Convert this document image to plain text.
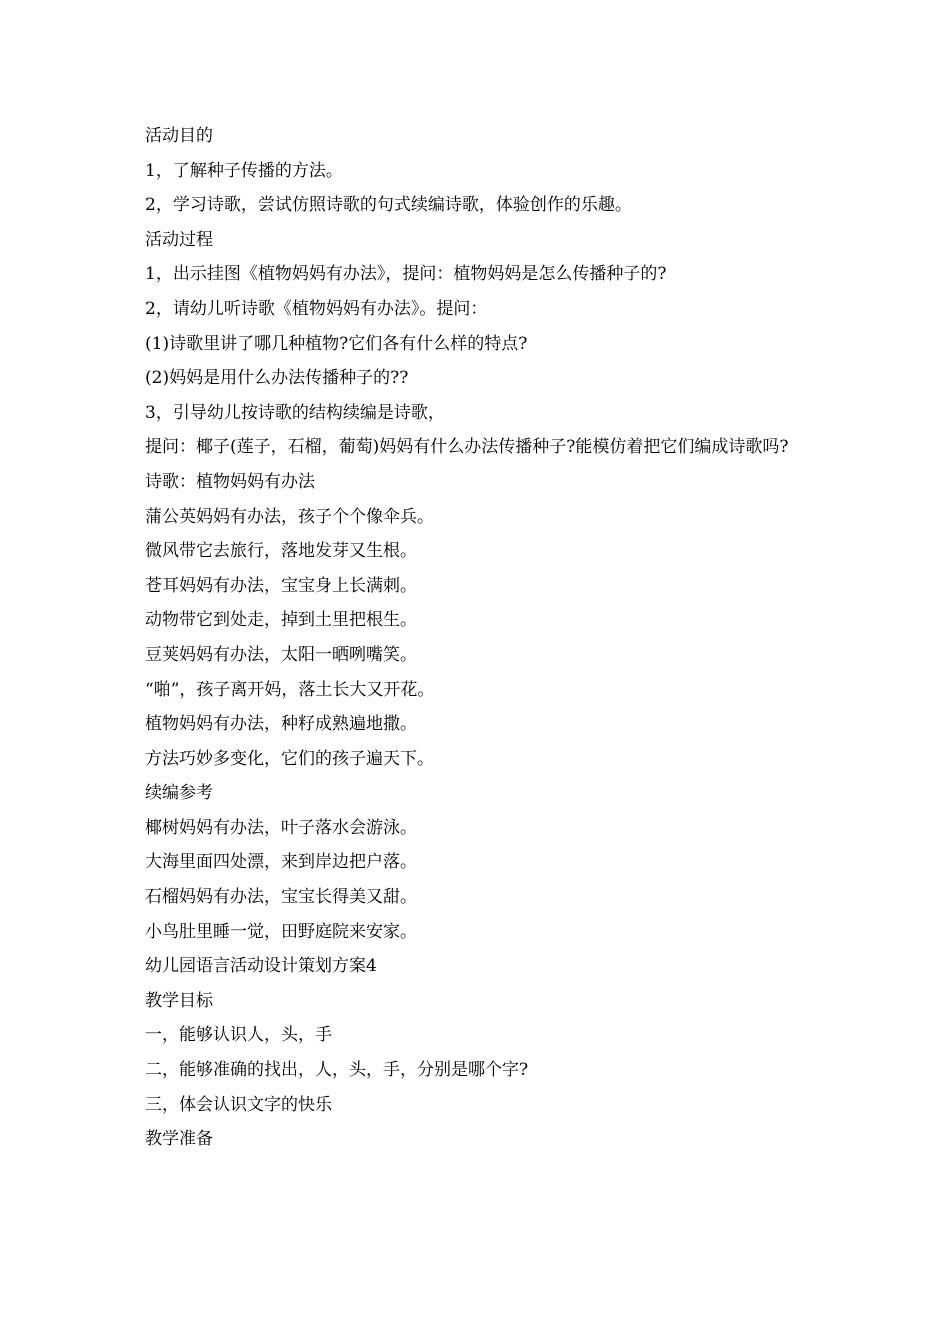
活动目的
1，了解种子传播的方法。
2，学习诗歌，尝试仿照诗歌的句式续编诗歌，体验创作的乐趣。
活动过程
1，出示挂图《植物妈妈有办法》，提问：植物妈妈是怎么传播种子的?
2，请幼儿听诗歌《植物妈妈有办法》。提问：
(1)诗歌里讲了哪几种植物?它们各有什么样的特点?
(2)妈妈是用什么办法传播种子的??
3，引导幼儿按诗歌的结构续编是诗歌，
提问：椰子(莲子，石榴，葡萄)妈妈有什么办法传播种子?能模仿着把它们编成诗歌吗?
诗歌：植物妈妈有办法
蒲公英妈妈有办法，孩子个个像伞兵。
微风带它去旅行，落地发芽又生根。
苍耳妈妈有办法，宝宝身上长满刺。
动物带它到处走，掉到土里把根生。
豆荚妈妈有办法，太阳一晒咧嘴笑。
“啪”，孩子离开妈，落土长大又开花。
植物妈妈有办法，种籽成熟遍地撒。
方法巧妙多变化，它们的孩子遍天下。
续编参考
椰树妈妈有办法，叶子落水会游泳。
大海里面四处漂，来到岸边把户落。
石榴妈妈有办法，宝宝长得美又甜。
小鸟肚里睡一觉，田野庭院来安家。
幼儿园语言活动设计策划方案4
教学目标
一，能够认识人，头，手
二，能够准确的找出，人，头，手，分别是哪个字?
三，体会认识文字的快乐
教学准备
